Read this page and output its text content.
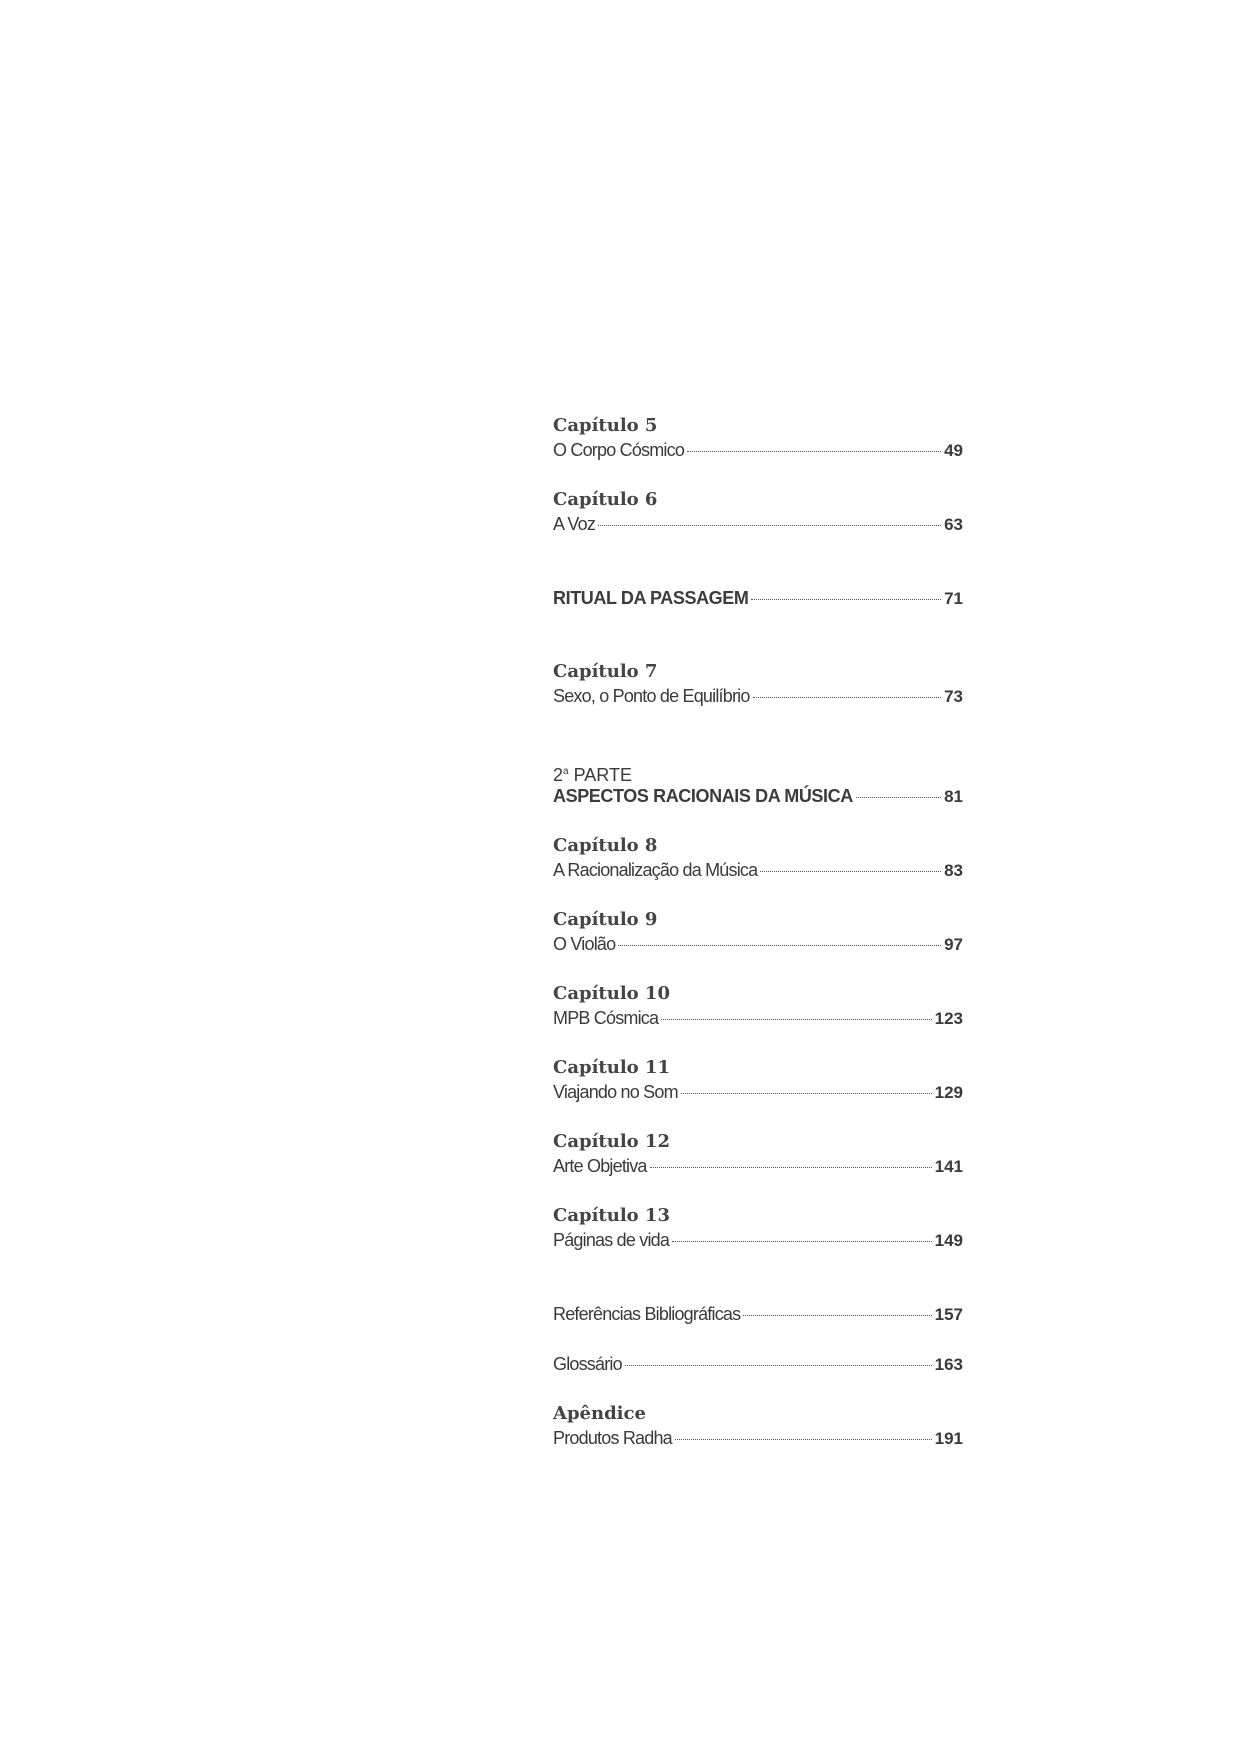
Capítulo 5
O Corpo Cósmico	49
Capítulo 6
A Voz	63
RITUAL DA PASSAGEM	71
Capítulo 7
Sexo, o Ponto de Equilíbrio	73
2$^a$ PARTE
ASPECTOS RACIONAIS DA MÚSICA	81
Capítulo 8
A Racionalização da Música	83
Capítulo 9
O Violão	97
Capítulo 10
MPB Cósmica	123
Capítulo 11
Viajando no Som	129
Capítulo 12
Arte Objetiva	141
Capítulo 13
Páginas de vida	149
Referências Bibliográficas	157
Glossário	163
Apêndice
Produtos Radha	191
